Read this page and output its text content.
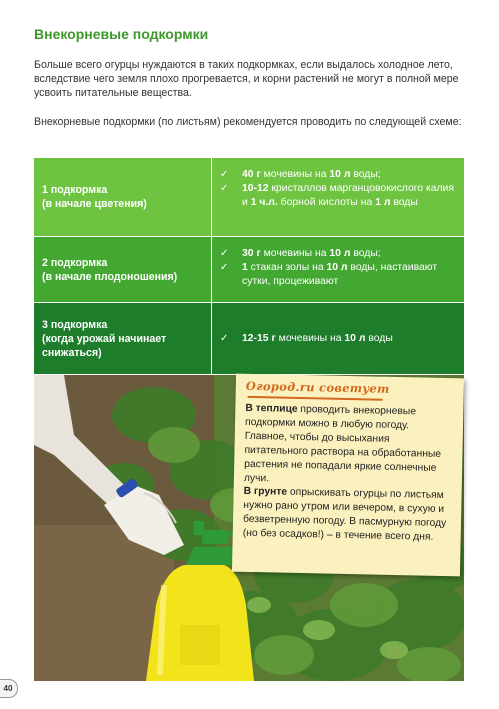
Внекорневые подкормки

Больше всего огурцы нуждаются в таких подкормках, если выдалось холодное лето, вследствие чего земля плохо прогревается, и корни растений не могут в полной мере усвоить питательные вещества.

Внекорневые подкормки (по листьям) рекомендуется проводить по следующей схеме:

1 подкормка
(в начале цветения)
✓	40 г мочевины на 10 л воды;
✓	10-12 кристаллов марганцовокислого калия и 1 ч.л. борной кислоты на 1 л воды
2 подкормка
(в начале плодоношения)
✓	30 г мочевины на 10 л воды;
✓	1 стакан золы на 10 л воды, настаивают сутки, процеживают
3 подкормка
(когда урожай начинает снижаться)
✓	12-15 г мочевины на 10 л воды
Огород.ru советует
В теплице проводить внекорневые подкормки можно в любую погоду. Главное, чтобы до высыхания питательного раствора на обработанные растения не попадали яркие солнечные лучи.
В грунте опрыскивать огурцы по листьям нужно рано утром или вечером, в сухую и безветренную погоду. В пасмурную погоду (но без осадков!) – в течение всего дня.
40
